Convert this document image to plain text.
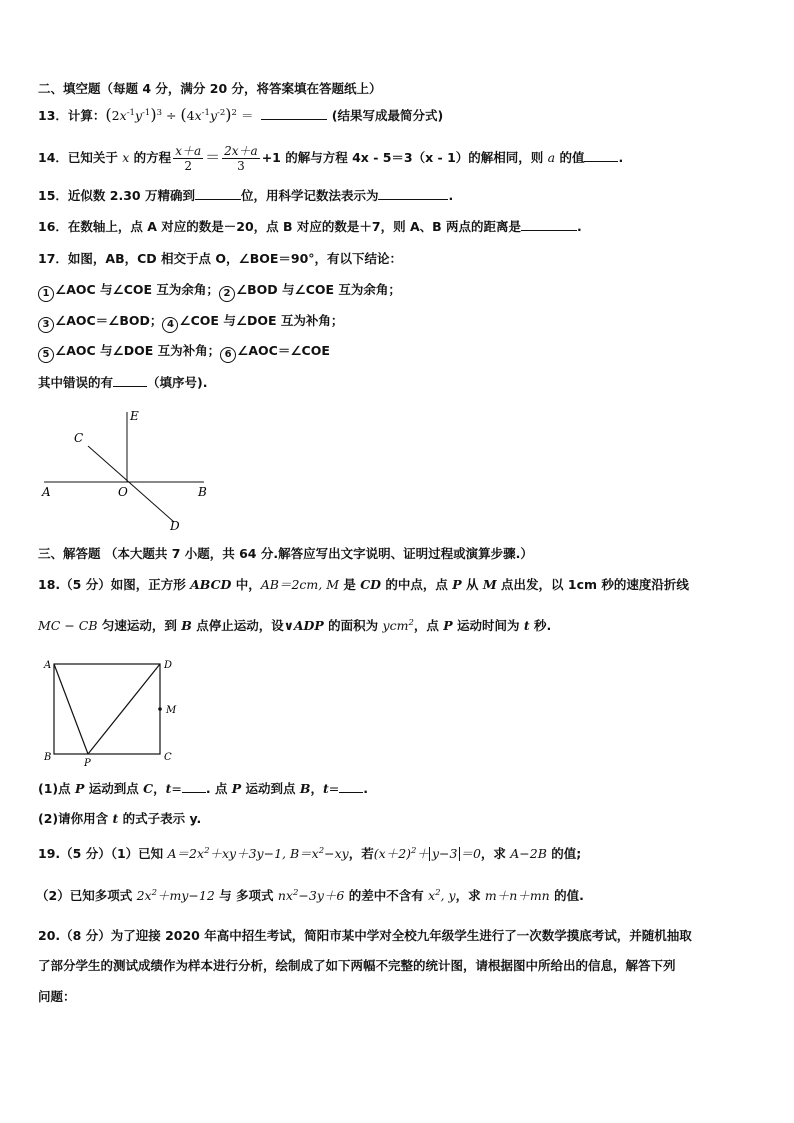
二、填空题（每题 4 分，满分 20 分，将答案填在答题纸上）
13．计算：$(2x^{-1}y^{-1})^3 \div (4x^{-1}y^{-2})^2$ ＝	(结果写成最简分式)
14．已知关于 x 的方程 $\frac{x+a}{2} = \frac{2x+a}{3} +1$ 的解与方程 4x - 5＝3（x - 1）的解相同，则 a 的值	.
15．近似数 2.30 万精确到	位，用科学记数法表示为	.
16．在数轴上，点 A 对应的数是－20，点 B 对应的数是＋7，则 A、B 两点的距离是	.
17．如图，AB，CD 相交于点 O，∠BOE＝90°，有以下结论：
1 ∠AOC 与∠COE 互为余角； 2 ∠BOD 与∠COE 互为余角；
3 ∠AOC＝∠BOD； 4 ∠COE 与∠DOE 互为补角；
5 ∠AOC 与∠DOE 互为补角； 6 ∠AOC＝∠COE
其中错误的有	（填序号).
E
C
A	O	B
D
三、解答题 （本大题共 7 小题，共 64 分.解答应写出文字说明、证明过程或演算步骤.）
18.（5 分）如图，正方形 ABCD 中，AB＝2cm, M 是 CD 的中点，点 P 从 M 点出发，以 1cm 秒的速度沿折线
MC − CB 匀速运动，到 B 点停止运动，设∨ADP 的面积为 ycm$^2$，点 P 运动时间为 t 秒.
A	D
M
B
P
C
(1)点 P 运动到点 C，t= . 点 P 运动到点 B，t= .
(2)请你用含 t 的式子表示 y.
19.（5 分）（1）已知 $A=2x^2+xy+3y-1$, $B=x^2-xy$，若$(x+2)^2+ y-3 =0$，求 A−2B 的值;
（2）已知多项式 $2x^2+my-12$ 与 多项式 $nx^2-3y+6$ 的差中不含有 $x^2$, y，求 m＋n＋mn 的值.
20.（8 分）为了迎接 2020 年高中招生考试，简阳市某中学对全校九年级学生进行了一次数学摸底考试，并随机抽取
了部分学生的测试成绩作为样本进行分析，绘制成了如下两幅不完整的统计图，请根据图中所给出的信息，解答下列
问题：
